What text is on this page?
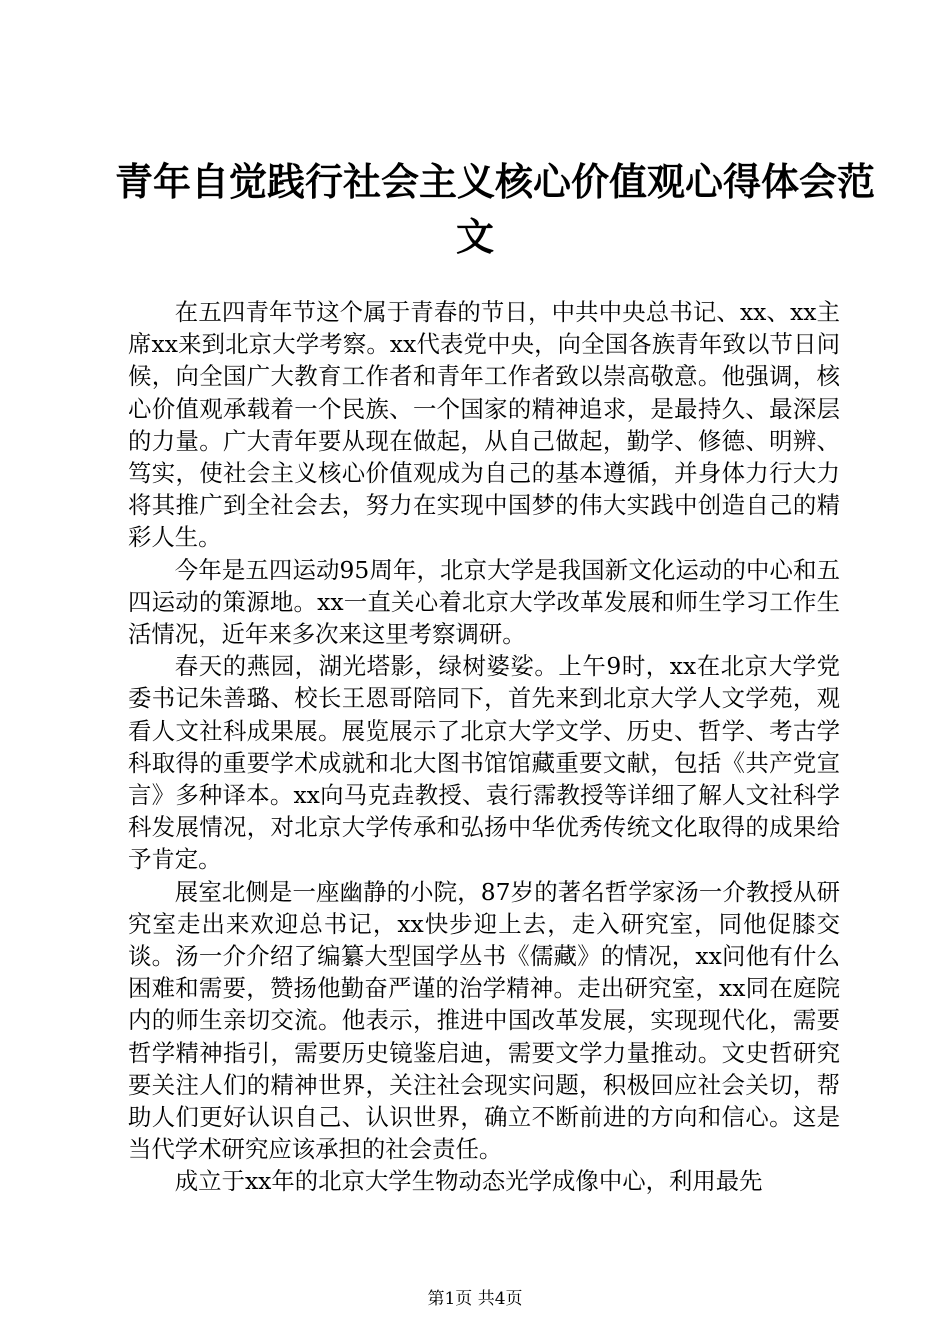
青年自觉践行社会主义核心价值观心得体会范
文

在五四青年节这个属于青春的节日，中共中央总书记、xx、xx主席xx来到北京大学考察。xx代表党中央，向全国各族青年致以节日问候，向全国广大教育工作者和青年工作者致以崇高敬意。他强调，核心价值观承载着一个民族、一个国家的精神追求，是最持久、最深层的力量。广大青年要从现在做起，从自己做起，勤学、修德、明辨、笃实，使社会主义核心价值观成为自己的基本遵循，并身体力行大力将其推广到全社会去，努力在实现中国梦的伟大实践中创造自己的精彩人生。

今年是五四运动95周年，北京大学是我国新文化运动的中心和五四运动的策源地。xx一直关心着北京大学改革发展和师生学习工作生活情况，近年来多次来这里考察调研。

春天的燕园，湖光塔影，绿树婆娑。上午9时，xx在北京大学党委书记朱善璐、校长王恩哥陪同下，首先来到北京大学人文学苑，观看人文社科成果展。展览展示了北京大学文学、历史、哲学、考古学科取得的重要学术成就和北大图书馆馆藏重要文献，包括《共产党宣言》多种译本。xx向马克垚教授、袁行霈教授等详细了解人文社科学科发展情况，对北京大学传承和弘扬中华优秀传统文化取得的成果给予肯定。

展室北侧是一座幽静的小院，87岁的著名哲学家汤一介教授从研究室走出来欢迎总书记，xx快步迎上去，走入研究室，同他促膝交谈。汤一介介绍了编纂大型国学丛书《儒藏》的情况，xx问他有什么困难和需要，赞扬他勤奋严谨的治学精神。走出研究室，xx同在庭院内的师生亲切交流。他表示，推进中国改革发展，实现现代化，需要哲学精神指引，需要历史镜鉴启迪，需要文学力量推动。文史哲研究要关注人们的精神世界，关注社会现实问题，积极回应社会关切，帮助人们更好认识自己、认识世界，确立不断前进的方向和信心。这是当代学术研究应该承担的社会责任。

成立于xx年的北京大学生物动态光学成像中心，利用最先

第1页 共4页
